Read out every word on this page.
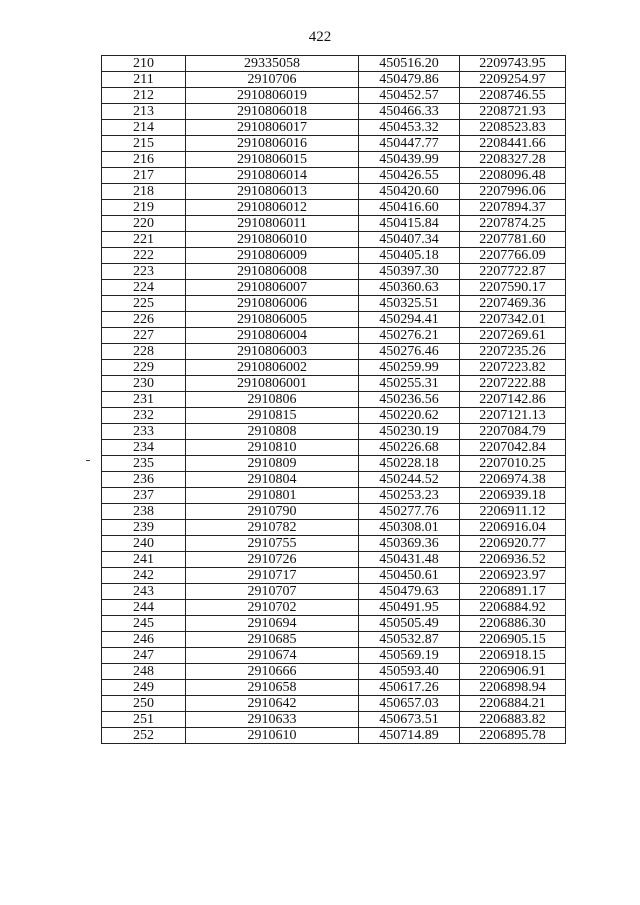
422
210	29335058	450516.20	2209743.95
211	2910706	450479.86	2209254.97
212	2910806019	450452.57	2208746.55
213	2910806018	450466.33	2208721.93
214	2910806017	450453.32	2208523.83
215	2910806016	450447.77	2208441.66
216	2910806015	450439.99	2208327.28
217	2910806014	450426.55	2208096.48
218	2910806013	450420.60	2207996.06
219	2910806012	450416.60	2207894.37
220	2910806011	450415.84	2207874.25
221	2910806010	450407.34	2207781.60
222	2910806009	450405.18	2207766.09
223	2910806008	450397.30	2207722.87
224	2910806007	450360.63	2207590.17
225	2910806006	450325.51	2207469.36
226	2910806005	450294.41	2207342.01
227	2910806004	450276.21	2207269.61
228	2910806003	450276.46	2207235.26
229	2910806002	450259.99	2207223.82
230	2910806001	450255.31	2207222.88
231	2910806	450236.56	2207142.86
232	2910815	450220.62	2207121.13
233	2910808	450230.19	2207084.79
234	2910810	450226.68	2207042.84
235	2910809	450228.18	2207010.25
236	2910804	450244.52	2206974.38
237	2910801	450253.23	2206939.18
238	2910790	450277.76	2206911.12
239	2910782	450308.01	2206916.04
240	2910755	450369.36	2206920.77
241	2910726	450431.48	2206936.52
242	2910717	450450.61	2206923.97
243	2910707	450479.63	2206891.17
244	2910702	450491.95	2206884.92
245	2910694	450505.49	2206886.30
246	2910685	450532.87	2206905.15
247	2910674	450569.19	2206918.15
248	2910666	450593.40	2206906.91
249	2910658	450617.26	2206898.94
250	2910642	450657.03	2206884.21
251	2910633	450673.51	2206883.82
252	2910610	450714.89	2206895.78
